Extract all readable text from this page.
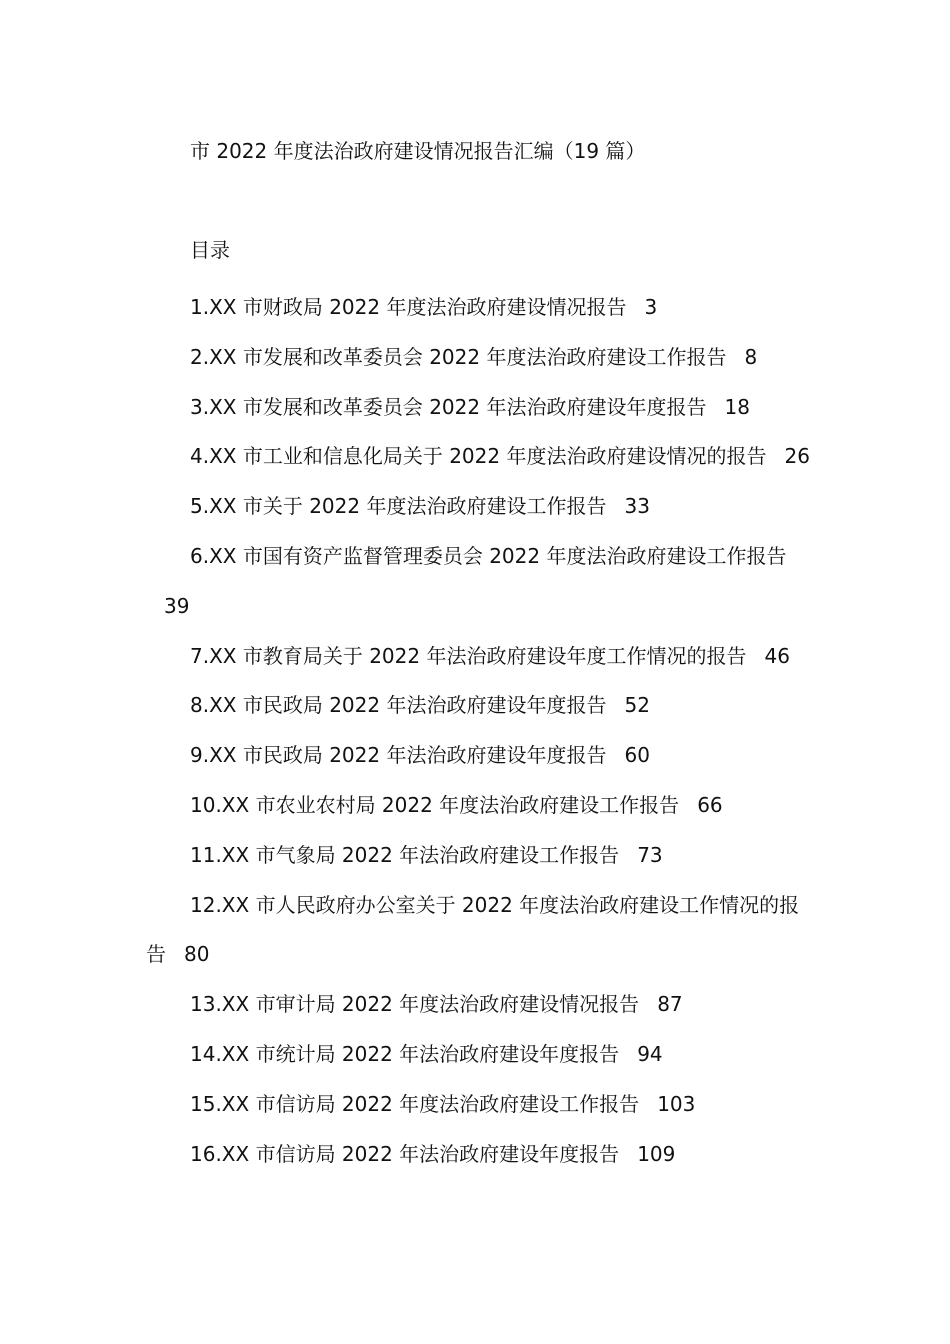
市 2022 年度法治政府建设情况报告汇编（19 篇）
目录
1.XX 市财政局 2022 年度法治政府建设情况报告 3
2.XX 市发展和改革委员会 2022 年度法治政府建设工作报告 8
3.XX 市发展和改革委员会 2022 年法治政府建设年度报告 18
4.XX 市工业和信息化局关于 2022 年度法治政府建设情况的报告 26
5.XX 市关于 2022 年度法治政府建设工作报告 33
6.XX 市国有资产监督管理委员会 2022 年度法治政府建设工作报告39
7.XX 市教育局关于 2022 年法治政府建设年度工作情况的报告 46
8.XX 市民政局 2022 年法治政府建设年度报告 52
9.XX 市民政局 2022 年法治政府建设年度报告 60
10.XX 市农业农村局 2022 年度法治政府建设工作报告 66
11.XX 市气象局 2022 年法治政府建设工作报告 73
12.XX 市人民政府办公室关于 2022 年度法治政府建设工作情况的报告 80
13.XX 市审计局 2022 年度法治政府建设情况报告 87
14.XX 市统计局 2022 年法治政府建设年度报告 94
15.XX 市信访局 2022 年度法治政府建设工作报告 103
16.XX 市信访局 2022 年法治政府建设年度报告 109
